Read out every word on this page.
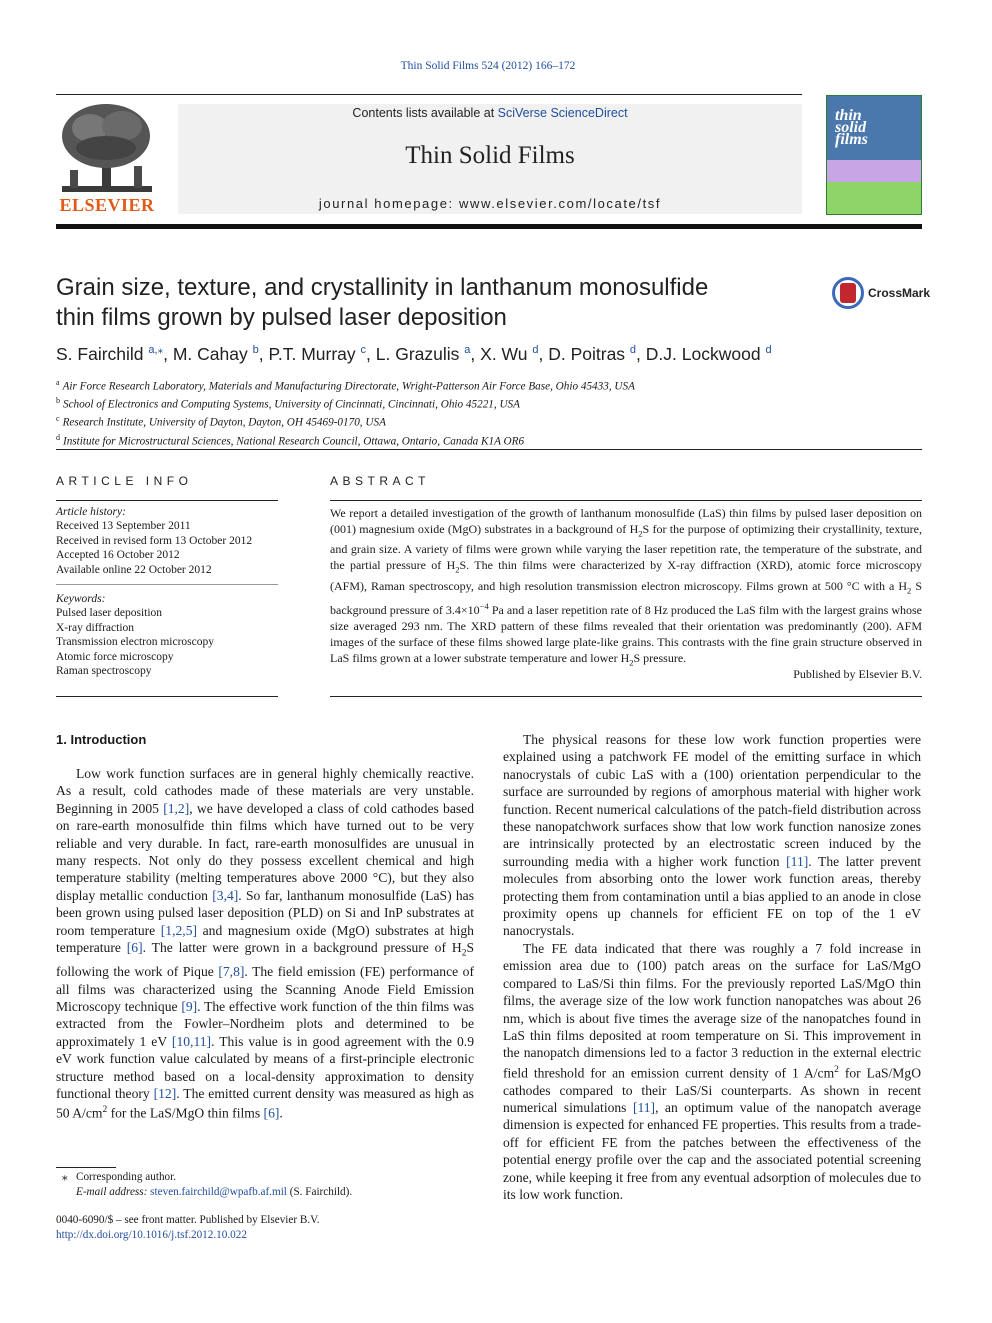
Thin Solid Films 524 (2012) 166–172
ELSEVIER
Contents lists available at SciVerse ScienceDirect
Thin Solid Films
journal homepage: www.elsevier.com/locate/tsf
thin solid films
Grain size, texture, and crystallinity in lanthanum monosulfide
thin films grown by pulsed laser deposition
CrossMark
S. Fairchild $^{a,⁎}$, M. Cahay $^b$, P.T. Murray $^c$, L. Grazulis $^a$, X. Wu $^d$, D. Poitras $^d$, D.J. Lockwood $^d$
$^a$ Air Force Research Laboratory, Materials and Manufacturing Directorate, Wright-Patterson Air Force Base, Ohio 45433, USA
$^b$ School of Electronics and Computing Systems, University of Cincinnati, Cincinnati, Ohio 45221, USA
$^c$ Research Institute, University of Dayton, Dayton, OH 45469-0170, USA
$^d$ Institute for Microstructural Sciences, National Research Council, Ottawa, Ontario, Canada K1A OR6
ARTICLE INFO
Article history:
Received 13 September 2011
Received in revised form 13 October 2012
Accepted 16 October 2012
Available online 22 October 2012
Keywords:
Pulsed laser deposition
X-ray diffraction
Transmission electron microscopy
Atomic force microscopy
Raman spectroscopy
ABSTRACT
We report a detailed investigation of the growth of lanthanum monosulfide (LaS) thin films by pulsed laser deposition on (001) magnesium oxide (MgO) substrates in a background of $H_2S$ for the purpose of optimizing their crystallinity, texture, and grain size. A variety of films were grown while varying the laser repetition rate, the temperature of the substrate, and the partial pressure of $H_2S$. The thin films were characterized by X-ray diffraction (XRD), atomic force microscopy (AFM), Raman spectroscopy, and high resolution transmission electron microscopy. Films grown at 500 °C with a $H_2$ S background pressure of $3.4\times 10^{-4}$ Pa and a laser repetition rate of 8 Hz produced the LaS film with the largest grains whose size averaged 293 nm. The XRD pattern of these films revealed that their orientation was predominantly (200). AFM images of the surface of these films showed large plate-like grains. This contrasts with the fine grain structure observed in LaS films grown at a lower substrate temperature and lower $H_2S$ pressure.
Published by Elsevier B.V.
1. Introduction

Low work function surfaces are in general highly chemically reactive. As a result, cold cathodes made of these materials are very unstable. Beginning in 2005 [1,2], we have developed a class of cold cathodes based on rare-earth monosulfide thin films which have turned out to be very reliable and very durable. In fact, rare-earth monosulfides are unusual in many respects. Not only do they possess excellent chemical and high temperature stability (melting temperatures above 2000 °C), but they also display metallic conduction [3,4]. So far, lanthanum monosulfide (LaS) has been grown using pulsed laser deposition (PLD) on Si and InP substrates at room temperature [1,2,5] and magnesium oxide (MgO) substrates at high temperature [6]. The latter were grown in a background pressure of $H_2S$ following the work of Pique [7,8]. The field emission (FE) performance of all films was characterized using the Scanning Anode Field Emission Microscopy technique [9]. The effective work function of the thin films was extracted from the Fowler–Nordheim plots and determined to be approximately 1 eV [10,11]. This value is in good agreement with the 0.9 eV work function value calculated by means of a first-principle electronic structure method based on a local-density approximation to density functional theory [12]. The emitted current density was measured as high as 50 $A/cm^2$ for the LaS/MgO thin films [6].

The physical reasons for these low work function properties were explained using a patchwork FE model of the emitting surface in which nanocrystals of cubic LaS with a (100) orientation perpendicular to the surface are surrounded by regions of amorphous material with higher work function. Recent numerical calculations of the patch-field distribution across these nanopatchwork surfaces show that low work function nanosize zones are intrinsically protected by an electrostatic screen induced by the surrounding media with a higher work function [11]. The latter prevent molecules from absorbing onto the lower work function areas, thereby protecting them from contamination until a bias applied to an anode in close proximity opens up channels for efficient FE on top of the 1 eV nanocrystals.

The FE data indicated that there was roughly a 7 fold increase in emission area due to (100) patch areas on the surface for LaS/MgO compared to LaS/Si thin films. For the previously reported LaS/MgO thin films, the average size of the low work function nanopatches was about 26 nm, which is about five times the average size of the nanopatches found in LaS thin films deposited at room temperature on Si. This improvement in the nanopatch dimensions led to a factor 3 reduction in the external electric field threshold for an emission current density of 1 $A/cm^2$ for LaS/MgO cathodes compared to their LaS/Si counterparts. As shown in recent numerical simulations [11], an optimum value of the nanopatch average dimension is expected for enhanced FE properties. This results from a trade-off for efficient FE from the patches between the effectiveness of the potential energy profile over the cap and the associated potential screening zone, while keeping it free from any eventual adsorption of molecules due to its low work function.

⁎ Corresponding author.
E-mail address: steven.fairchild@wpafb.af.mil (S. Fairchild).
0040-6090/$ – see front matter. Published by Elsevier B.V.
http://dx.doi.org/10.1016/j.tsf.2012.10.022
